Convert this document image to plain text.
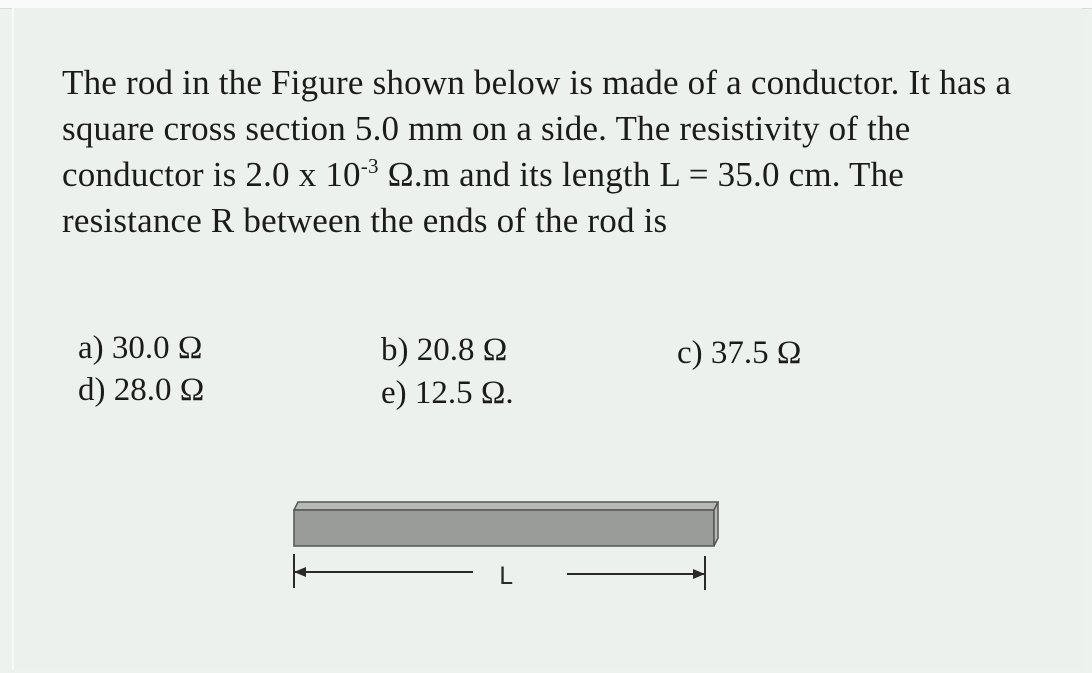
The rod in the Figure shown below is made of a conductor. It has a square cross section 5.0 mm on a side. The resistivity of the conductor is 2.0 x $10^{-3}$ Ω.m and its length L = 35.0 cm. The resistance R between the ends of the rod is

a) 30.0 Ω	b) 20.8 Ω	c) 37.5 Ω
d) 28.0 Ω	e) 12.5 Ω.
L
